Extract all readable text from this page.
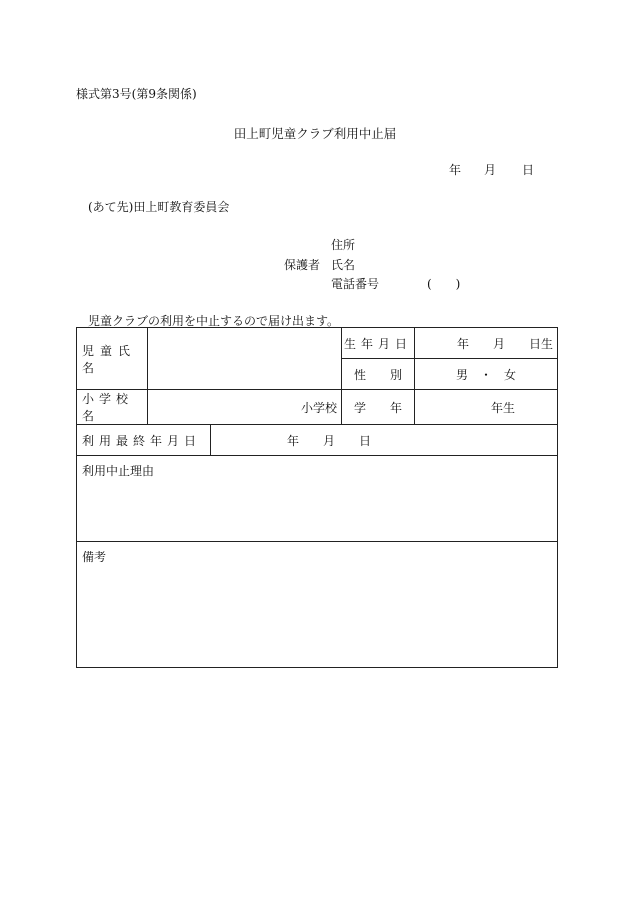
様式第3号(第9条関係)
田上町児童クラブ利用中止届
年 月 日
(あて先)田上町教育委員会
住所
保護者 氏名
電話番号	(　　)
児童クラブの利用を中止するので届け出ます。
児童氏名			生年月日	年　　月　　日生
			性　　別	男　・　女
小学校名	小学校		学　　年	年生
利用最終年月日		年　　月　　日		
利用中止理由				
備考				
